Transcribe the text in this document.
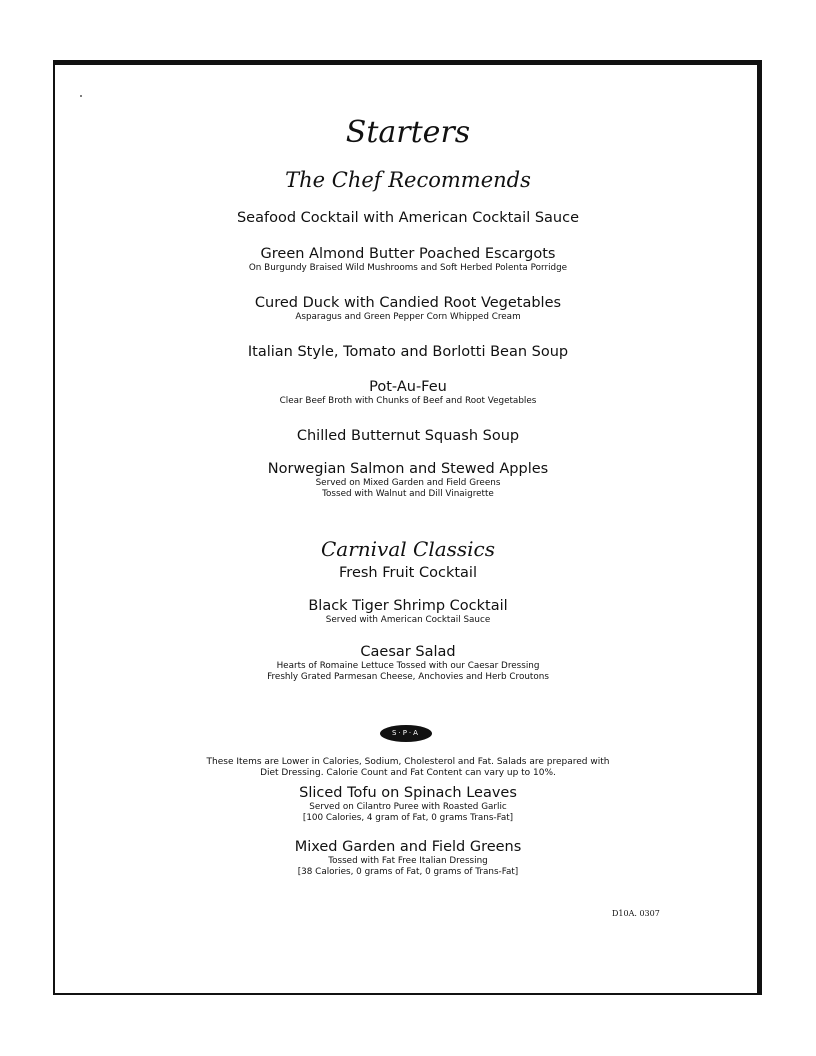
Starters
The Chef Recommends
Seafood Cocktail with American Cocktail Sauce
Green Almond Butter Poached Escargots
On Burgundy Braised Wild Mushrooms and Soft Herbed Polenta Porridge
Cured Duck with Candied Root Vegetables
Asparagus and Green Pepper Corn Whipped Cream
Italian Style, Tomato and Borlotti Bean Soup
Pot-Au-Feu
Clear Beef Broth with Chunks of Beef and Root Vegetables
Chilled Butternut Squash Soup
Norwegian Salmon and Stewed Apples
Served on Mixed Garden and Field Greens
Tossed with Walnut and Dill Vinaigrette
Carnival Classics
Fresh Fruit Cocktail
Black Tiger Shrimp Cocktail
Served with American Cocktail Sauce
Caesar Salad
Hearts of Romaine Lettuce Tossed with our Caesar Dressing
Freshly Grated Parmesan Cheese, Anchovies and Herb Croutons
S·P·A
These Items are Lower in Calories, Sodium, Cholesterol and Fat. Salads are prepared with
Diet Dressing. Calorie Count and Fat Content can vary up to 10%.
Sliced Tofu on Spinach Leaves
Served on Cilantro Puree with Roasted Garlic
[100 Calories, 4 gram of Fat, 0 grams Trans-Fat]
Mixed Garden and Field Greens
Tossed with Fat Free Italian Dressing
[38 Calories, 0 grams of Fat, 0 grams of Trans-Fat]
D10A. 0307
